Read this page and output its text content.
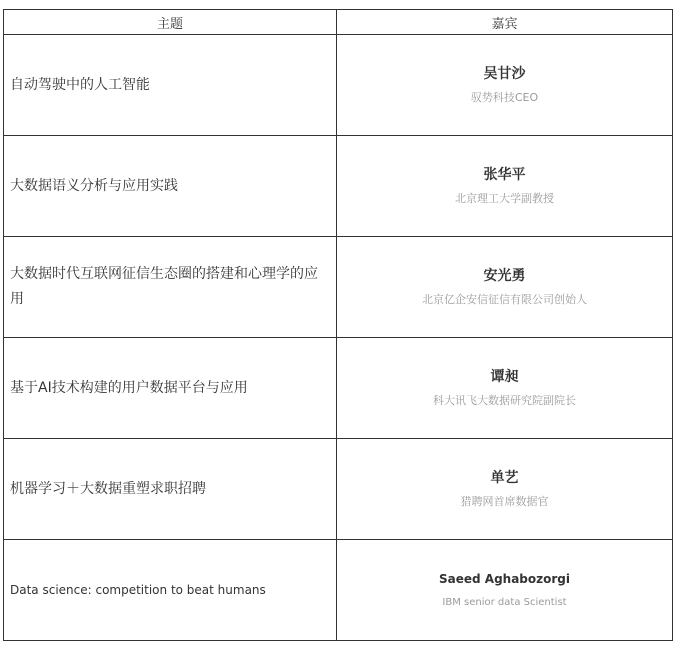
主题	嘉宾

自动驾驶中的人工智能	吴甘沙
驭势科技CEO

大数据语义分析与应用实践	张华平
北京理工大学副教授

大数据时代互联网征信生态圈的搭建和心理学的应用	安光勇
北京亿企安信征信有限公司创始人

基于AI技术构建的用户数据平台与应用	谭昶
科大讯飞大数据研究院副院长

机器学习＋大数据重塑求职招聘	单艺
猎聘网首席数据官

Data science: competition to beat humans	Saeed Aghabozorgi
IBM senior data Scientist
